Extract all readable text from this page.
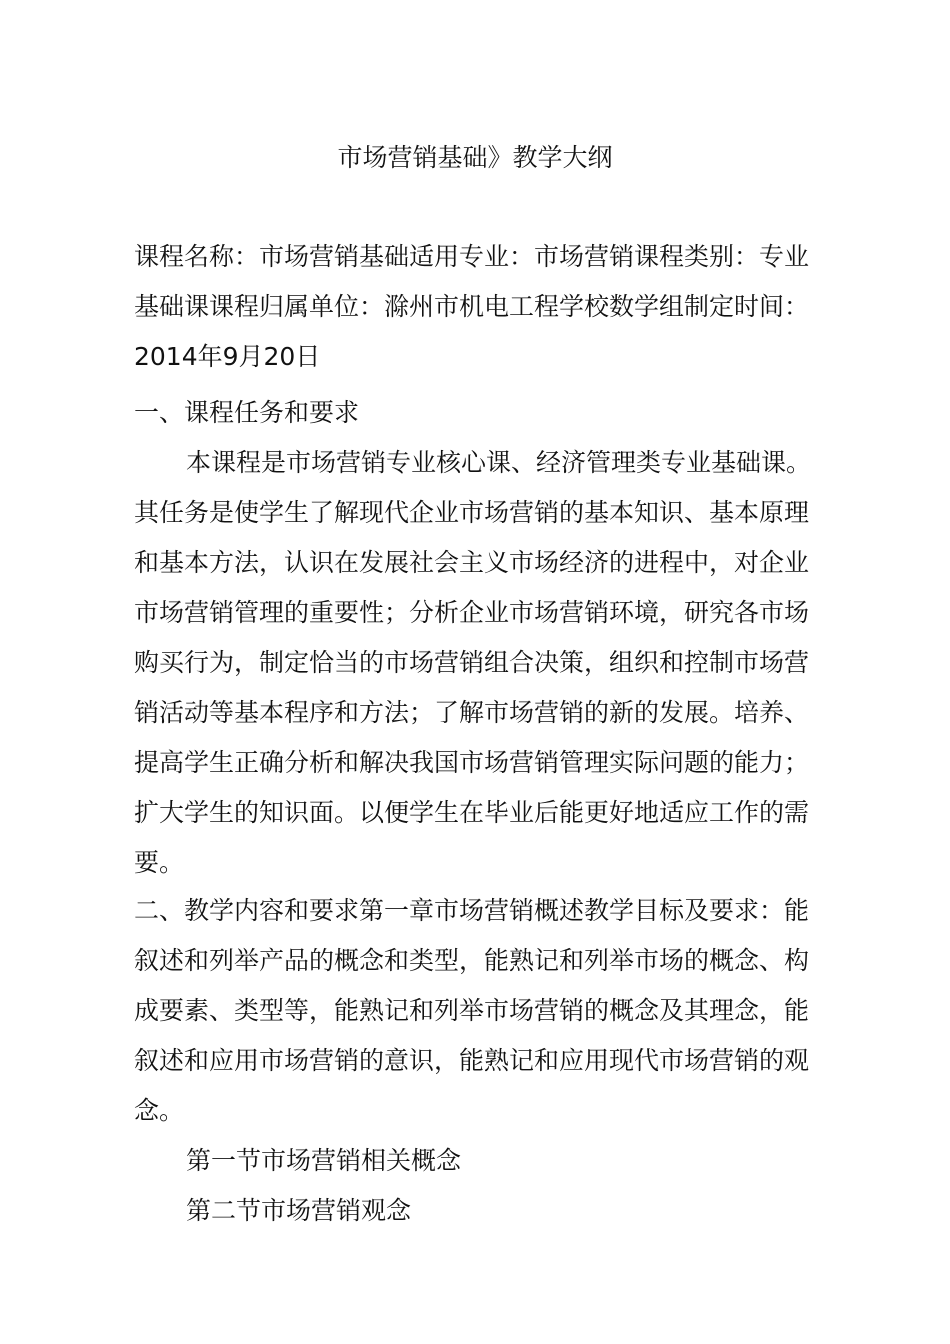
市场营销基础》教学大纲
课程名称：市场营销基础适用专业：市场营销课程类别：专业
基础课课程归属单位：滁州市机电工程学校数学组制定时间：
2014年9月20日
一、课程任务和要求
本课程是市场营销专业核心课、经济管理类专业基础课。
其任务是使学生了解现代企业市场营销的基本知识、基本原理
和基本方法，认识在发展社会主义市场经济的进程中，对企业
市场营销管理的重要性；分析企业市场营销环境，研究各市场
购买行为，制定恰当的市场营销组合决策，组织和控制市场营
销活动等基本程序和方法；了解市场营销的新的发展。培养、
提高学生正确分析和解决我国市场营销管理实际问题的能力；
扩大学生的知识面。以便学生在毕业后能更好地适应工作的需
要。
二、教学内容和要求第一章市场营销概述教学目标及要求：能
叙述和列举产品的概念和类型，能熟记和列举市场的概念、构
成要素、类型等，能熟记和列举市场营销的概念及其理念，能
叙述和应用市场营销的意识，能熟记和应用现代市场营销的观
念。
第一节市场营销相关概念
第二节市场营销观念
